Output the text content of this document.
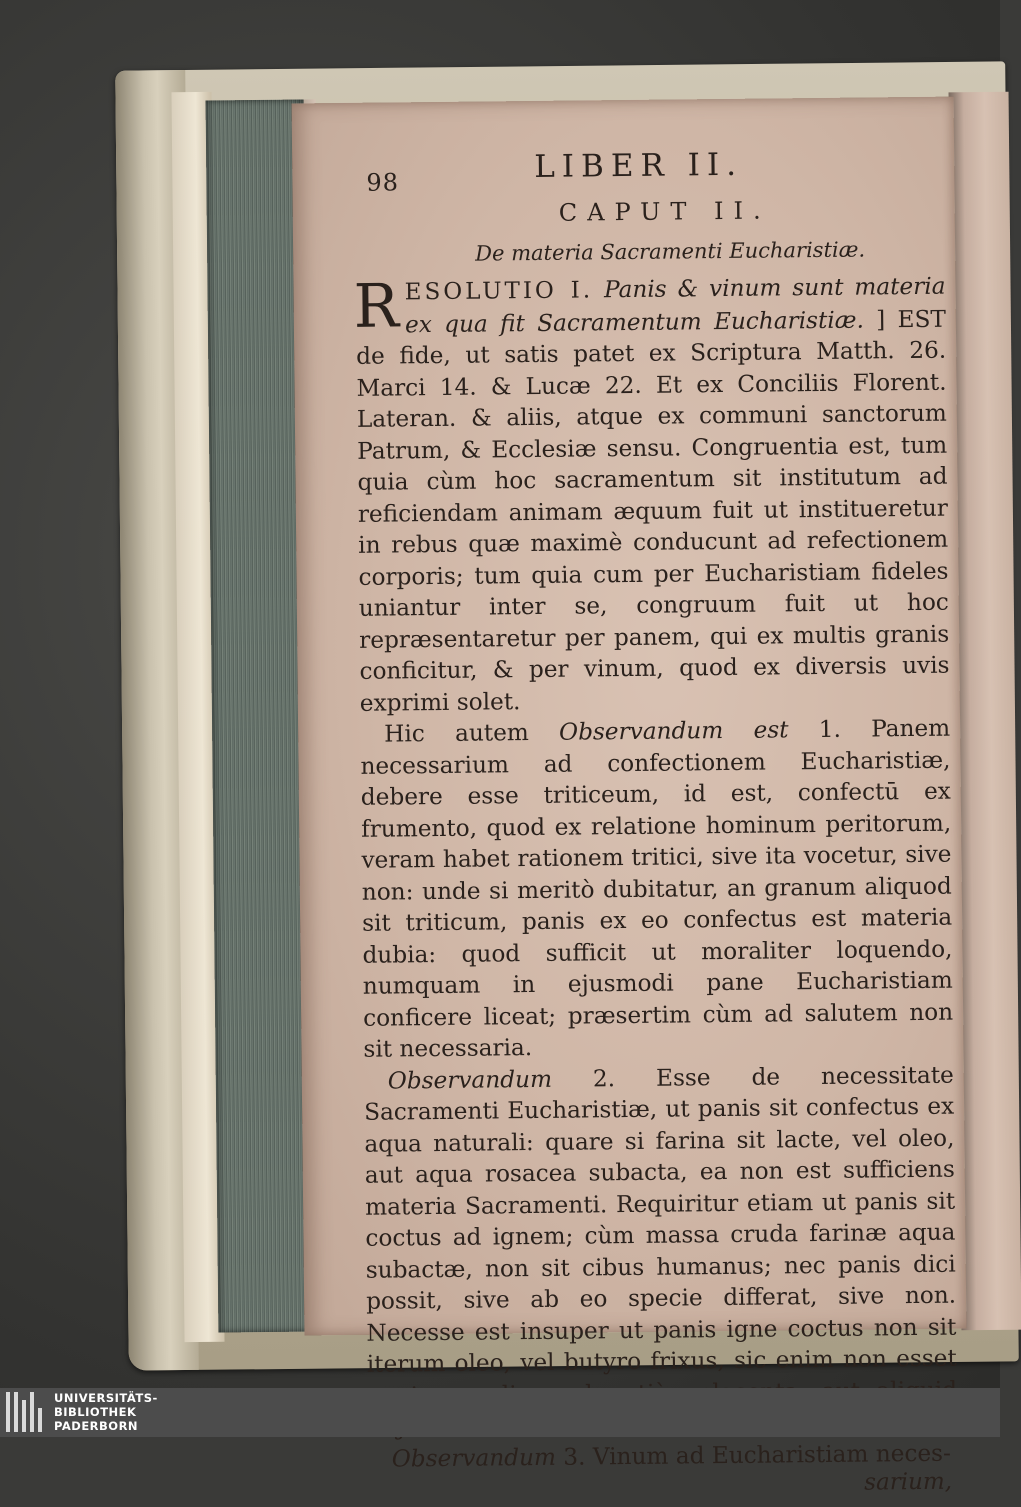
98	LIBER II.
CAPUT II.
De materia Sacramenti Eucharistiæ.

R ESOLUTIO I. Panis & vinum sunt materia ex qua fit Sacramentum Eucharistiæ. ] EST de fide, ut satis patet ex Scriptura Matth. 26. Marci 14. & Lucæ 22. Et ex Conciliis Florent. Lateran. & aliis, atque ex communi sanctorum Patrum, & Ecclesiæ sensu. Congruentia est, tum quia cùm hoc sacramentum sit institutum ad reficiendam animam æquum fuit ut institueretur in rebus quæ maximè conducunt ad refectionem corporis; tum quia cum per Eucharistiam fideles uniantur inter se, congruum fuit ut hoc repræsentaretur per panem, qui ex multis granis conficitur, & per vinum, quod ex diversis uvis exprimi solet.

Hic autem Observandum est 1. Panem necessarium ad confectionem Eucharistiæ, debere esse triticeum, id est, confectū ex frumento, quod ex relatione hominum peritorum, veram habet rationem tritici, sive ita vocetur, sive non: unde si meritò dubitatur, an granum aliquod sit triticum, panis ex eo confectus est materia dubia: quod sufficit ut moraliter loquendo, numquam in ejusmodi pane Eucharistiam conficere liceat; præsertim cùm ad salutem non sit necessaria.

Observandum 2. Esse de necessitate Sacramenti Eucharistiæ, ut panis sit confectus ex aqua naturali: quare si farina sit lacte, vel oleo, aut aqua rosacea subacta, ea non est sufficiens materia Sacramenti. Requiritur etiam ut panis sit coctus ad ignem; cùm massa cruda farinæ aqua subactæ, non sit cibus humanus; nec panis dici possit, sive ab eo specie differat, sive non. Necesse est insuper ut panis igne coctus non sit iterum oleo, vel butyro frixus, sic enim non esset

Observandum 3. Vinum ad Eucharistiam neces-

sarium,
UNIVERSITÄTS-
BIBLIOTHEK
PADERBORN
